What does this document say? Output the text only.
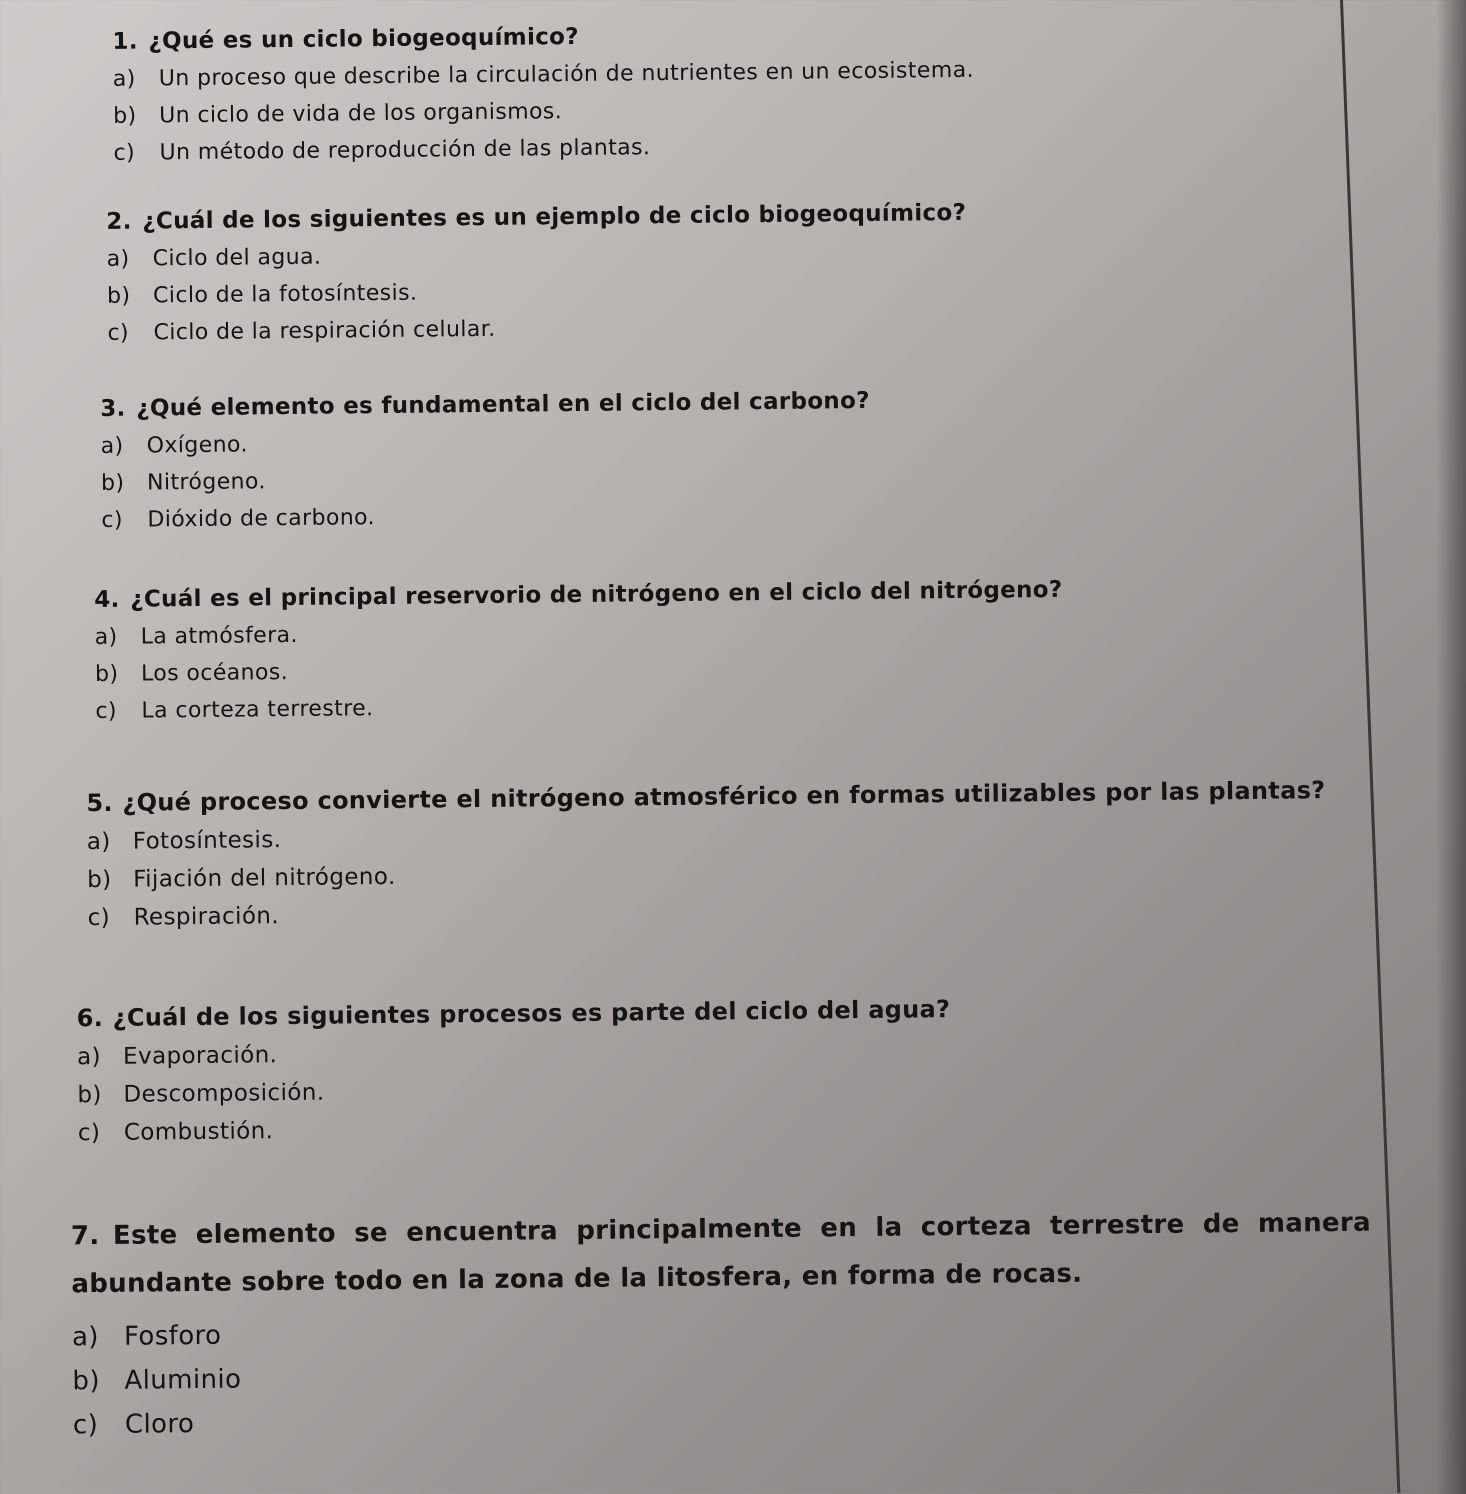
1. ¿Qué es un ciclo biogeoquímico?
a) Un proceso que describe la circulación de nutrientes en un ecosistema.
b) Un ciclo de vida de los organismos.
c) Un método de reproducción de las plantas.
2. ¿Cuál de los siguientes es un ejemplo de ciclo biogeoquímico?
a) Ciclo del agua.
b) Ciclo de la fotosíntesis.
c) Ciclo de la respiración celular.
3. ¿Qué elemento es fundamental en el ciclo del carbono?
a) Oxígeno.
b) Nitrógeno.
c) Dióxido de carbono.
4. ¿Cuál es el principal reservorio de nitrógeno en el ciclo del nitrógeno?
a) La atmósfera.
b) Los océanos.
c) La corteza terrestre.
5. ¿Qué proceso convierte el nitrógeno atmosférico en formas utilizables por las plantas?
a) Fotosíntesis.
b) Fijación del nitrógeno.
c) Respiración.
6. ¿Cuál de los siguientes procesos es parte del ciclo del agua?
a) Evaporación.
b) Descomposición.
c) Combustión.
7. Este elemento se encuentra principalmente en la corteza terrestre de manera abundante sobre todo en la zona de la litosfera, en forma de rocas.
a) Fosforo
b) Aluminio
c) Cloro
